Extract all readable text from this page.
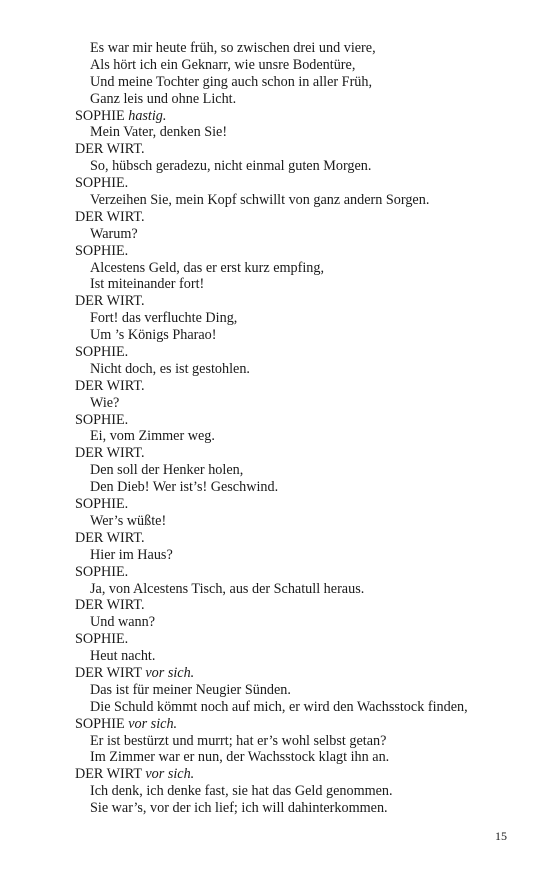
Es war mir heute früh, so zwischen drei und viere,
Als hört ich ein Geknarr, wie unsre Bodentüre,
Und meine Tochter ging auch schon in aller Früh,
Ganz leis und ohne Licht.
SOPHIE hastig.
Mein Vater, denken Sie!
DER WIRT.
So, hübsch geradezu, nicht einmal guten Morgen.
SOPHIE.
Verzeihen Sie, mein Kopf schwillt von ganz andern Sorgen.
DER WIRT.
Warum?
SOPHIE.
Alcestens Geld, das er erst kurz empfing,
Ist miteinander fort!
DER WIRT.
Fort! das verfluchte Ding,
Um ’s Königs Pharao!
SOPHIE.
Nicht doch, es ist gestohlen.
DER WIRT.
Wie?
SOPHIE.
Ei, vom Zimmer weg.
DER WIRT.
Den soll der Henker holen,
Den Dieb! Wer ist’s! Geschwind.
SOPHIE.
Wer’s wüßte!
DER WIRT.
Hier im Haus?
SOPHIE.
Ja, von Alcestens Tisch, aus der Schatull heraus.
DER WIRT.
Und wann?
SOPHIE.
Heut nacht.
DER WIRT vor sich.
Das ist für meiner Neugier Sünden.
Die Schuld kömmt noch auf mich, er wird den Wachsstock finden,
SOPHIE vor sich.
Er ist bestürzt und murrt; hat er’s wohl selbst getan?
Im Zimmer war er nun, der Wachsstock klagt ihn an.
DER WIRT vor sich.
Ich denk, ich denke fast, sie hat das Geld genommen.
Sie war’s, vor der ich lief; ich will dahinterkommen.
15
